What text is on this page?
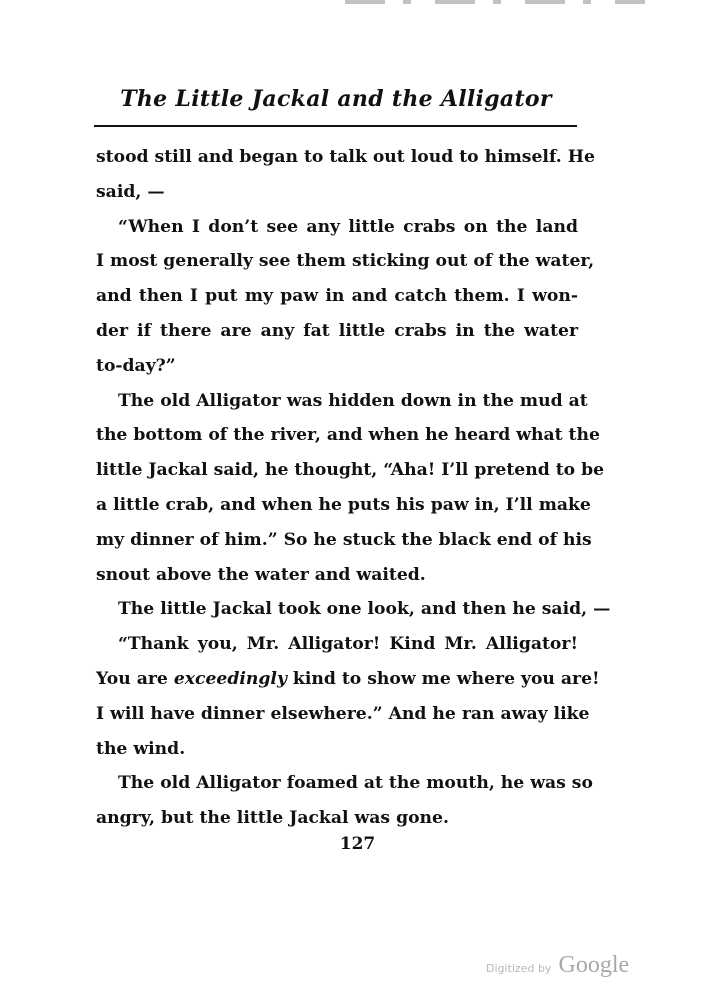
The Little Jackal and the Alligator
stood still and began to talk out loud to himself. He
said, —
“When I don’t see any little crabs on the land
I most generally see them sticking out of the water,
and then I put my paw in and catch them. I won-
der if there are any fat little crabs in the water
to-day?”
The old Alligator was hidden down in the mud at
the bottom of the river, and when he heard what the
little Jackal said, he thought, “Aha! I’ll pretend to be
a little crab, and when he puts his paw in, I’ll make
my dinner of him.” So he stuck the black end of his
snout above the water and waited.
The little Jackal took one look, and then he said, —
“Thank you, Mr. Alligator! Kind Mr. Alligator!
You are exceedingly kind to show me where you are!
I will have dinner elsewhere.” And he ran away like
the wind.
The old Alligator foamed at the mouth, he was so
angry, but the little Jackal was gone.
127
Digitized by Google
